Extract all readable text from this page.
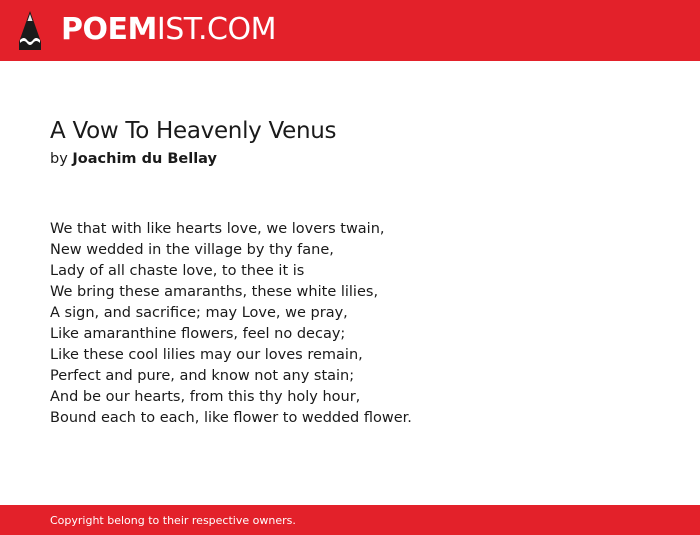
POEMIST.COM
A Vow To Heavenly Venus
by Joachim du Bellay
We that with like hearts love, we lovers twain,
New wedded in the village by thy fane,
Lady of all chaste love, to thee it is
We bring these amaranths, these white lilies,
A sign, and sacrifice; may Love, we pray,
Like amaranthine flowers, feel no decay;
Like these cool lilies may our loves remain,
Perfect and pure, and know not any stain;
And be our hearts, from this thy holy hour,
Bound each to each, like flower to wedded flower.
Copyright belong to their respective owners.
